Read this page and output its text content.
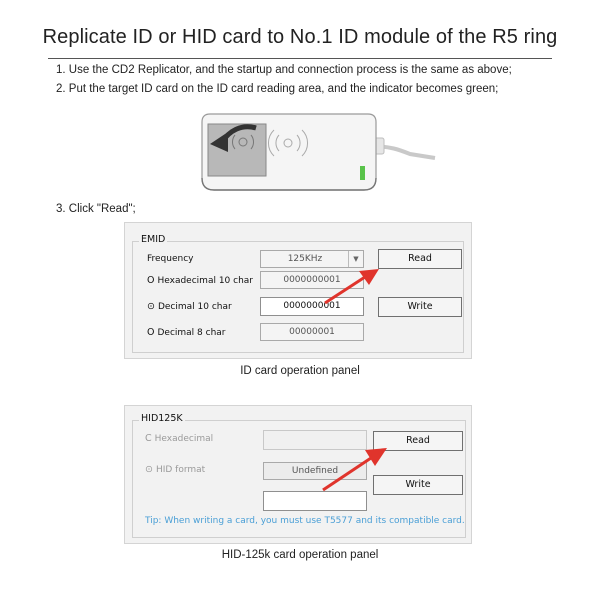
Replicate ID or HID card to No.1 ID module of the R5 ring
1. Use the CD2 Replicator, and the startup and connection process is the same as above;
2. Put the target ID card on the ID card reading area, and the indicator becomes green;
3. Click "Read";
EMID
Frequency	125KHz	▼
O Hexadecimal 10 char	0000000001
⊙ Decimal 10 char	0000000001
O Decimal 8 char	00000001
Read
Write
ID card operation panel
HID125K
C Hexadecimal
⊙ HID format	Undefined
Read
Write
Tip: When writing a card, you must use T5577 and its compatible card.
HID-125k card operation panel
